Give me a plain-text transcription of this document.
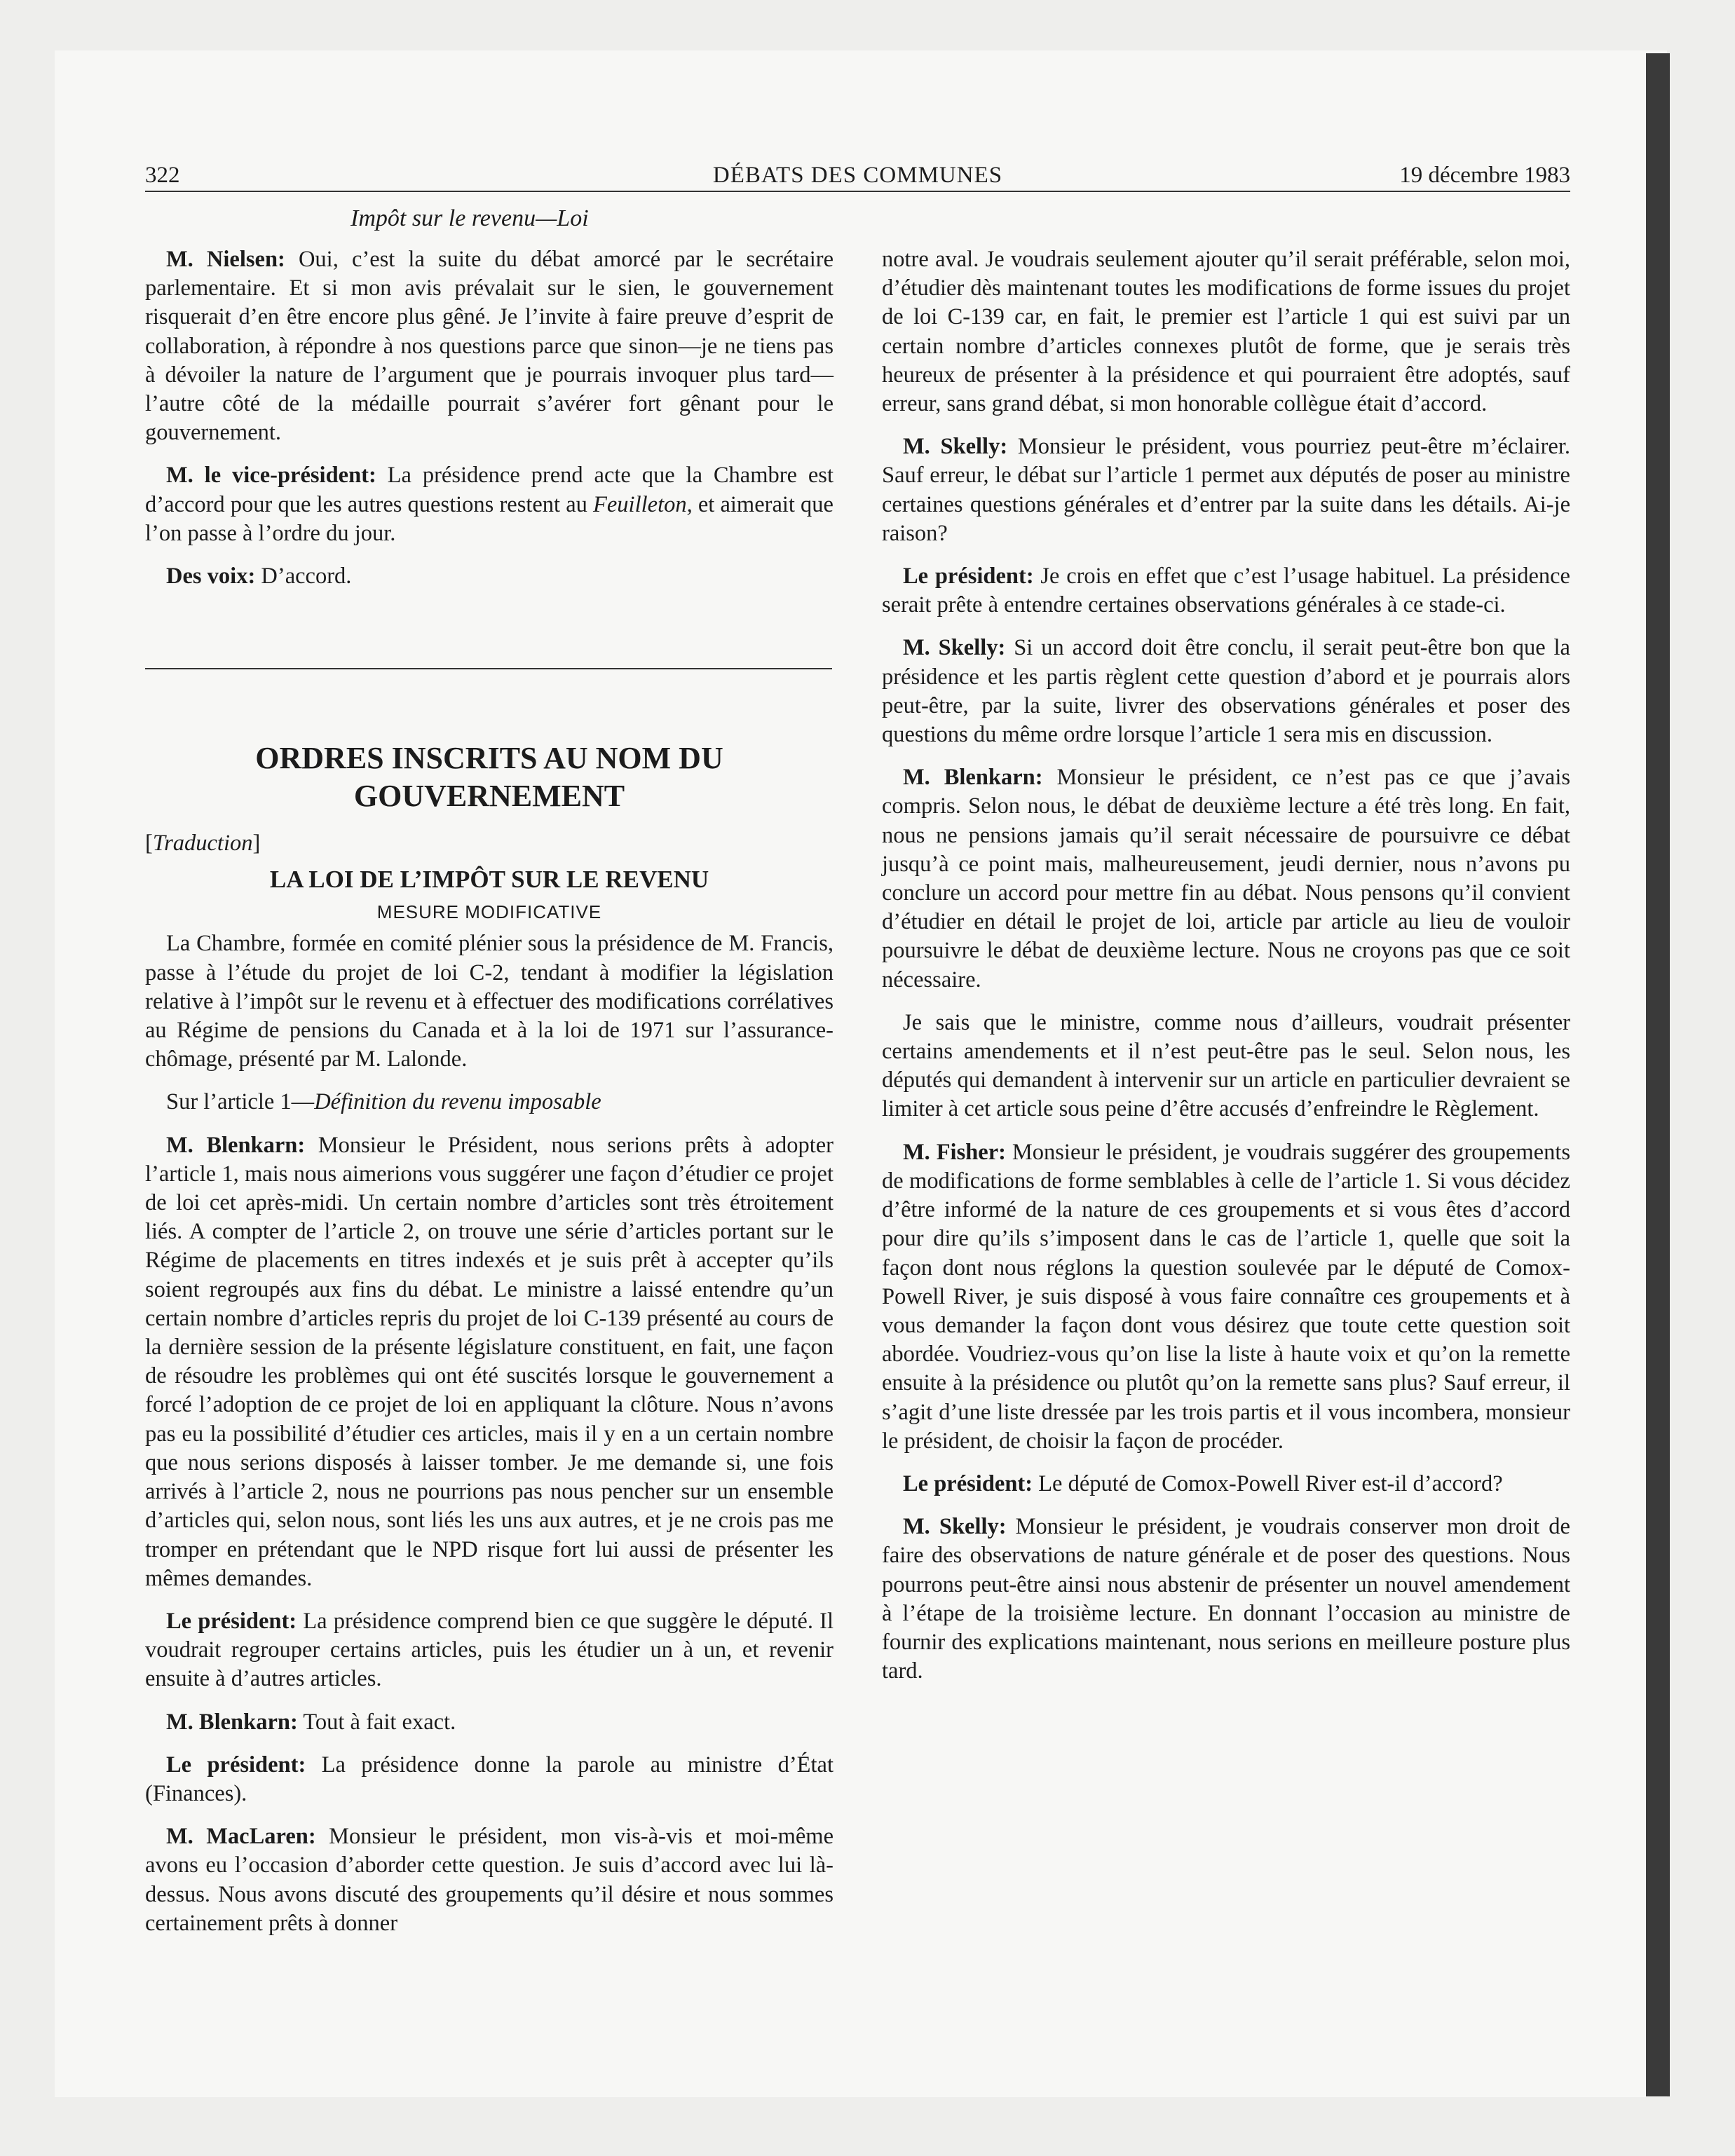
322	DÉBATS DES COMMUNES	19 décembre 1983
Impôt sur le revenu—Loi

M. Nielsen: Oui, c’est la suite du débat amorcé par le secrétaire parlementaire. Et si mon avis prévalait sur le sien, le gouvernement risquerait d’en être encore plus gêné. Je l’invite à faire preuve d’esprit de collaboration, à répondre à nos questions parce que sinon—je ne tiens pas à dévoiler la nature de l’argument que je pourrais invoquer plus tard—l’autre côté de la médaille pourrait s’avérer fort gênant pour le gouvernement.

M. le vice-président: La présidence prend acte que la Chambre est d’accord pour que les autres questions restent au Feuilleton, et aimerait que l’on passe à l’ordre du jour.

Des voix: D’accord.

ORDRES INSCRITS AU NOM DU GOUVERNEMENT

[Traduction]

LA LOI DE L’IMPÔT SUR LE REVENU

MESURE MODIFICATIVE

La Chambre, formée en comité plénier sous la présidence de M. Francis, passe à l’étude du projet de loi C-2, tendant à modifier la législation relative à l’impôt sur le revenu et à effectuer des modifications corrélatives au Régime de pensions du Canada et à la loi de 1971 sur l’assurance-chômage, présenté par M. Lalonde.

Sur l’article 1—Définition du revenu imposable

M. Blenkarn: Monsieur le Président, nous serions prêts à adopter l’article 1, mais nous aimerions vous suggérer une façon d’étudier ce projet de loi cet après-midi. Un certain nombre d’articles sont très étroitement liés. A compter de l’article 2, on trouve une série d’articles portant sur le Régime de placements en titres indexés et je suis prêt à accepter qu’ils soient regroupés aux fins du débat. Le ministre a laissé entendre qu’un certain nombre d’articles repris du projet de loi C-139 présenté au cours de la dernière session de la présente législature constituent, en fait, une façon de résoudre les problèmes qui ont été suscités lorsque le gouvernement a forcé l’adoption de ce projet de loi en appliquant la clôture. Nous n’avons pas eu la possibilité d’étudier ces articles, mais il y en a un certain nombre que nous serions disposés à laisser tomber. Je me demande si, une fois arrivés à l’article 2, nous ne pourrions pas nous pencher sur un ensemble d’articles qui, selon nous, sont liés les uns aux autres, et je ne crois pas me tromper en prétendant que le NPD risque fort lui aussi de présenter les mêmes demandes.

Le président: La présidence comprend bien ce que suggère le député. Il voudrait regrouper certains articles, puis les étudier un à un, et revenir ensuite à d’autres articles.

M. Blenkarn: Tout à fait exact.

Le président: La présidence donne la parole au ministre d’État (Finances).

M. MacLaren: Monsieur le président, mon vis-à-vis et moi-même avons eu l’occasion d’aborder cette question. Je suis d’accord avec lui là-dessus. Nous avons discuté des groupements qu’il désire et nous sommes certainement prêts à donner

notre aval. Je voudrais seulement ajouter qu’il serait préférable, selon moi, d’étudier dès maintenant toutes les modifications de forme issues du projet de loi C-139 car, en fait, le premier est l’article 1 qui est suivi par un certain nombre d’articles connexes plutôt de forme, que je serais très heureux de présenter à la présidence et qui pourraient être adoptés, sauf erreur, sans grand débat, si mon honorable collègue était d’accord.

M. Skelly: Monsieur le président, vous pourriez peut-être m’éclairer. Sauf erreur, le débat sur l’article 1 permet aux députés de poser au ministre certaines questions générales et d’entrer par la suite dans les détails. Ai-je raison?

Le président: Je crois en effet que c’est l’usage habituel. La présidence serait prête à entendre certaines observations générales à ce stade-ci.

M. Skelly: Si un accord doit être conclu, il serait peut-être bon que la présidence et les partis règlent cette question d’abord et je pourrais alors peut-être, par la suite, livrer des observations générales et poser des questions du même ordre lorsque l’article 1 sera mis en discussion.

M. Blenkarn: Monsieur le président, ce n’est pas ce que j’avais compris. Selon nous, le débat de deuxième lecture a été très long. En fait, nous ne pensions jamais qu’il serait nécessaire de poursuivre ce débat jusqu’à ce point mais, malheureusement, jeudi dernier, nous n’avons pu conclure un accord pour mettre fin au débat. Nous pensons qu’il convient d’étudier en détail le projet de loi, article par article au lieu de vouloir poursuivre le débat de deuxième lecture. Nous ne croyons pas que ce soit nécessaire.

Je sais que le ministre, comme nous d’ailleurs, voudrait présenter certains amendements et il n’est peut-être pas le seul. Selon nous, les députés qui demandent à intervenir sur un article en particulier devraient se limiter à cet article sous peine d’être accusés d’enfreindre le Règlement.

M. Fisher: Monsieur le président, je voudrais suggérer des groupements de modifications de forme semblables à celle de l’article 1. Si vous décidez d’être informé de la nature de ces groupements et si vous êtes d’accord pour dire qu’ils s’imposent dans le cas de l’article 1, quelle que soit la façon dont nous réglons la question soulevée par le député de Comox-Powell River, je suis disposé à vous faire connaître ces groupements et à vous demander la façon dont vous désirez que toute cette question soit abordée. Voudriez-vous qu’on lise la liste à haute voix et qu’on la remette ensuite à la présidence ou plutôt qu’on la remette sans plus? Sauf erreur, il s’agit d’une liste dressée par les trois partis et il vous incombera, monsieur le président, de choisir la façon de procéder.

Le président: Le député de Comox-Powell River est-il d’accord?

M. Skelly: Monsieur le président, je voudrais conserver mon droit de faire des observations de nature générale et de poser des questions. Nous pourrons peut-être ainsi nous abstenir de présenter un nouvel amendement à l’étape de la troisième lecture. En donnant l’occasion au ministre de fournir des explications maintenant, nous serions en meilleure posture plus tard.
